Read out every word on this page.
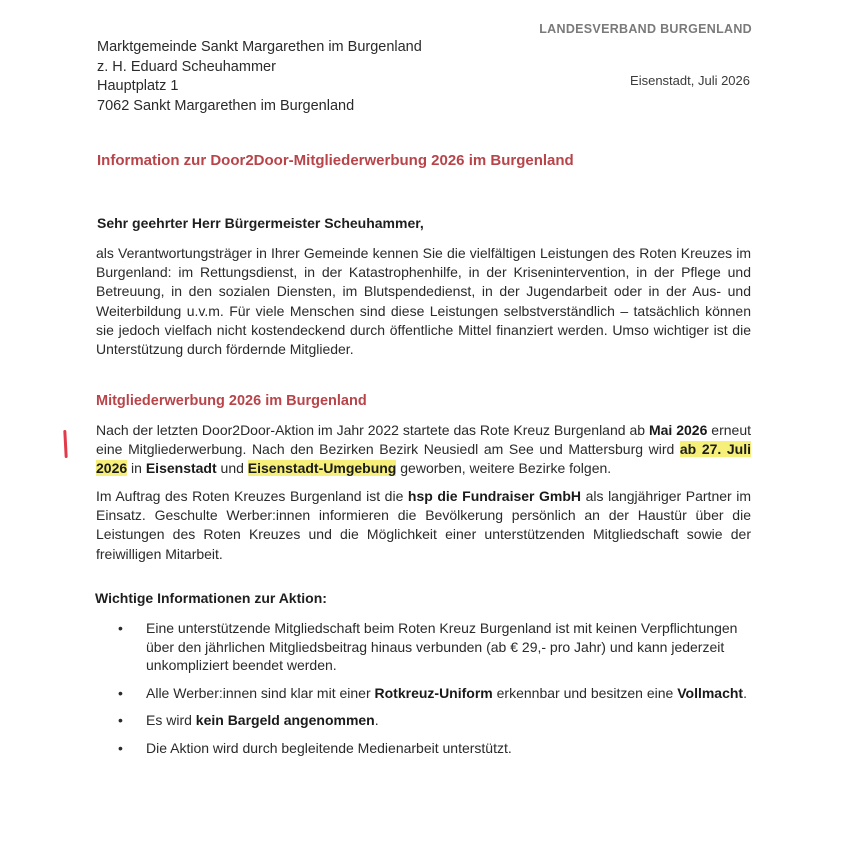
LANDESVERBAND BURGENLAND
Marktgemeinde Sankt Margarethen im Burgenland
z. H. Eduard Scheuhammer
Hauptplatz 1
7062 Sankt Margarethen im Burgenland
Eisenstadt, Juli 2026
Information zur Door2Door-Mitgliederwerbung 2026 im Burgenland
Sehr geehrter Herr Bürgermeister Scheuhammer,
als Verantwortungsträger in Ihrer Gemeinde kennen Sie die vielfältigen Leistungen des Roten Kreuzes im Burgenland: im Rettungsdienst, in der Katastrophenhilfe, in der Krisenintervention, in der Pflege und Betreuung, in den sozialen Diensten, im Blutspendedienst, in der Jugendarbeit oder in der Aus- und Weiterbildung u.v.m. Für viele Menschen sind diese Leistungen selbstverständlich – tatsächlich können sie jedoch vielfach nicht kostendeckend durch öffentliche Mittel finanziert werden. Umso wichtiger ist die Unterstützung durch fördernde Mitglieder.
Mitgliederwerbung 2026 im Burgenland
Nach der letzten Door2Door-Aktion im Jahr 2022 startete das Rote Kreuz Burgenland ab Mai 2026 erneut eine Mitgliederwerbung. Nach den Bezirken Bezirk Neusiedl am See und Mattersburg wird ab 27. Juli 2026 in Eisenstadt und Eisenstadt-Umgebung geworben, weitere Bezirke folgen.
Im Auftrag des Roten Kreuzes Burgenland ist die hsp die Fundraiser GmbH als langjähriger Partner im Einsatz. Geschulte Werber:innen informieren die Bevölkerung persönlich an der Haustür über die Leistungen des Roten Kreuzes und die Möglichkeit einer unterstützenden Mitgliedschaft sowie der freiwilligen Mitarbeit.
Wichtige Informationen zur Aktion:
• Eine unterstützende Mitgliedschaft beim Roten Kreuz Burgenland ist mit keinen Verpflichtungen über den jährlichen Mitgliedsbeitrag hinaus verbunden (ab € 29,- pro Jahr) und kann jederzeit unkompliziert beendet werden.
• Alle Werber:innen sind klar mit einer Rotkreuz-Uniform erkennbar und besitzen eine Vollmacht.
• Es wird kein Bargeld angenommen.
• Die Aktion wird durch begleitende Medienarbeit unterstützt.
